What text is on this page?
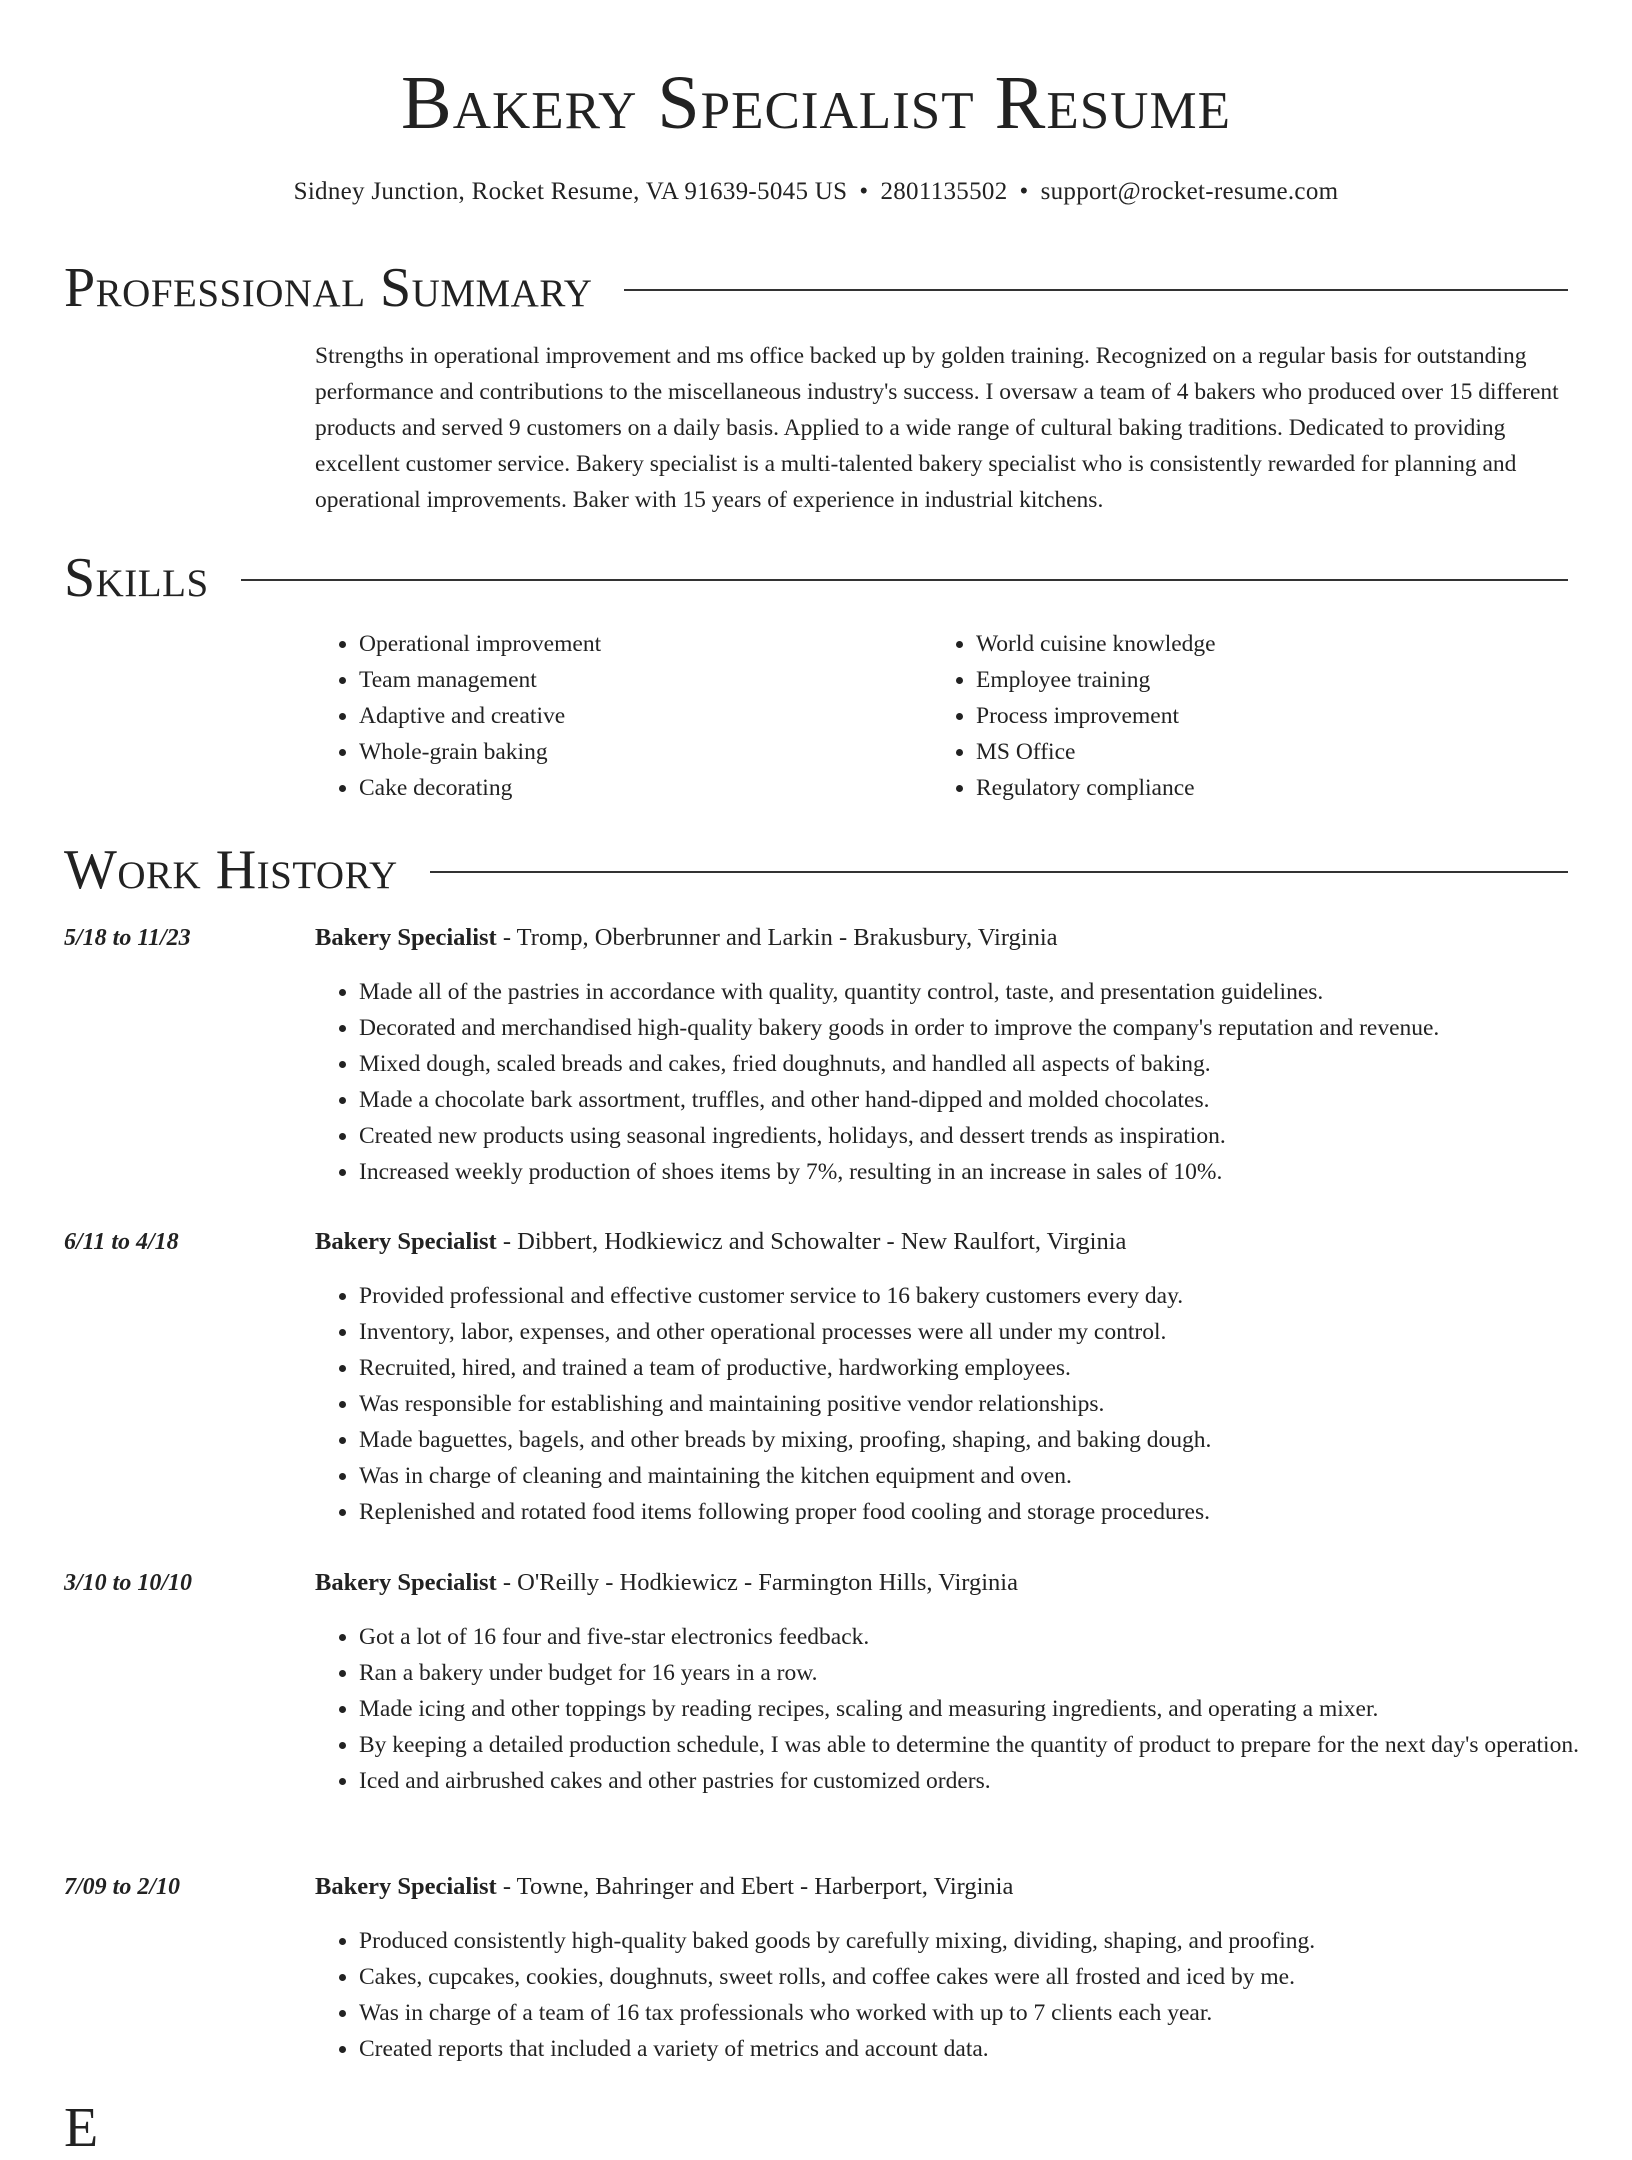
Bakery Specialist Resume
Sidney Junction, Rocket Resume, VA 91639-5045 US • 2801135502 • support@rocket-resume.com
Professional Summary

Strengths in operational improvement and ms office backed up by golden training. Recognized on a regular basis for outstanding performance and contributions to the miscellaneous industry's success. I oversaw a team of 4 bakers who produced over 15 different products and served 9 customers on a daily basis. Applied to a wide range of cultural baking traditions. Dedicated to providing excellent customer service. Bakery specialist is a multi-talented bakery specialist who is consistently rewarded for planning and operational improvements. Baker with 15 years of experience in industrial kitchens.

Skills
• Operational improvement
• Team management
• Adaptive and creative
• Whole-grain baking
• Cake decorating
• World cuisine knowledge
• Employee training
• Process improvement
• MS Office
• Regulatory compliance
Work History
5/18 to 11/23	Bakery Specialist - Tromp, Oberbrunner and Larkin - Brakusbury, Virginia
• Made all of the pastries in accordance with quality, quantity control, taste, and presentation guidelines.
• Decorated and merchandised high-quality bakery goods in order to improve the company's reputation and revenue.
• Mixed dough, scaled breads and cakes, fried doughnuts, and handled all aspects of baking.
• Made a chocolate bark assortment, truffles, and other hand-dipped and molded chocolates.
• Created new products using seasonal ingredients, holidays, and dessert trends as inspiration.
• Increased weekly production of shoes items by 7%, resulting in an increase in sales of 10%.
6/11 to 4/18	Bakery Specialist - Dibbert, Hodkiewicz and Schowalter - New Raulfort, Virginia
• Provided professional and effective customer service to 16 bakery customers every day.
• Inventory, labor, expenses, and other operational processes were all under my control.
• Recruited, hired, and trained a team of productive, hardworking employees.
• Was responsible for establishing and maintaining positive vendor relationships.
• Made baguettes, bagels, and other breads by mixing, proofing, shaping, and baking dough.
• Was in charge of cleaning and maintaining the kitchen equipment and oven.
• Replenished and rotated food items following proper food cooling and storage procedures.
3/10 to 10/10	Bakery Specialist - O'Reilly - Hodkiewicz - Farmington Hills, Virginia
• Got a lot of 16 four and five-star electronics feedback.
• Ran a bakery under budget for 16 years in a row.
• Made icing and other toppings by reading recipes, scaling and measuring ingredients, and operating a mixer.
• By keeping a detailed production schedule, I was able to determine the quantity of product to prepare for the next day's operation.
• Iced and airbrushed cakes and other pastries for customized orders.
7/09 to 2/10	Bakery Specialist - Towne, Bahringer and Ebert - Harberport, Virginia
• Produced consistently high-quality baked goods by carefully mixing, dividing, shaping, and proofing.
• Cakes, cupcakes, cookies, doughnuts, sweet rolls, and coffee cakes were all frosted and iced by me.
• Was in charge of a team of 16 tax professionals who worked with up to 7 clients each year.
• Created reports that included a variety of metrics and account data.
E
